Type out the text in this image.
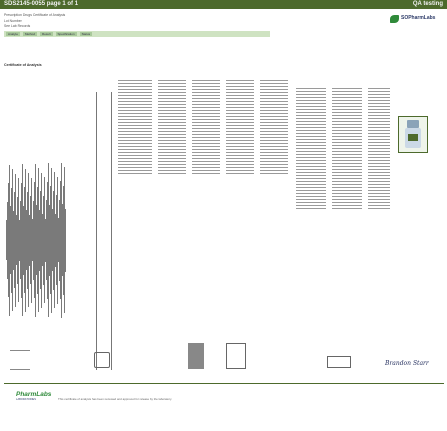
SDS2145-0055 page 1 of 1	QA testing
Prescription Drugs Certificate of Analysis
Lot Number
See Lab Records
SOPharmLabs
Analyte	Method	Result	Specification	Status
Certificate of Analysis
Brandon Starr
PharmLabs
LABORATORIES	This certificate of analysis has been reviewed and approved for release by the laboratory.
